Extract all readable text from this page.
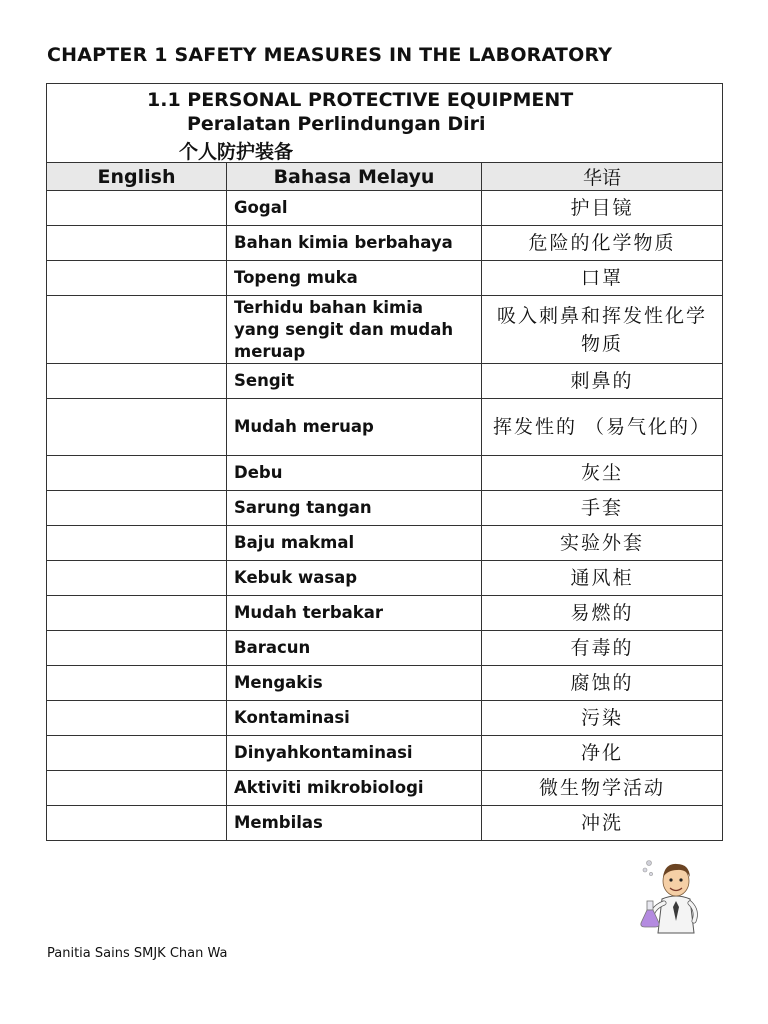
CHAPTER 1 SAFETY MEASURES IN THE LABORATORY
1.1 PERSONAL PROTECTIVE EQUIPMENT
Peralatan Perlindungan Diri
个人防护装备		

English	Bahasa Melayu	华语
	Gogal	护目镜
	Bahan kimia berbahaya	危险的化学物质
	Topeng muka	口罩
	Terhidu bahan kimia yang sengit dan mudah meruap	吸入刺鼻和挥发性化学物质
	Sengit	刺鼻的
	Mudah meruap	挥发性的 （易气化的）
	Debu	灰尘
	Sarung tangan	手套
	Baju makmal	实验外套
	Kebuk wasap	通风柜
	Mudah terbakar	易燃的
	Baracun	有毒的
	Mengakis	腐蚀的
	Kontaminasi	污染
	Dinyahkontaminasi	净化
	Aktiviti mikrobiologi	微生物学活动
	Membilas	冲洗
Panitia Sains SMJK Chan Wa
